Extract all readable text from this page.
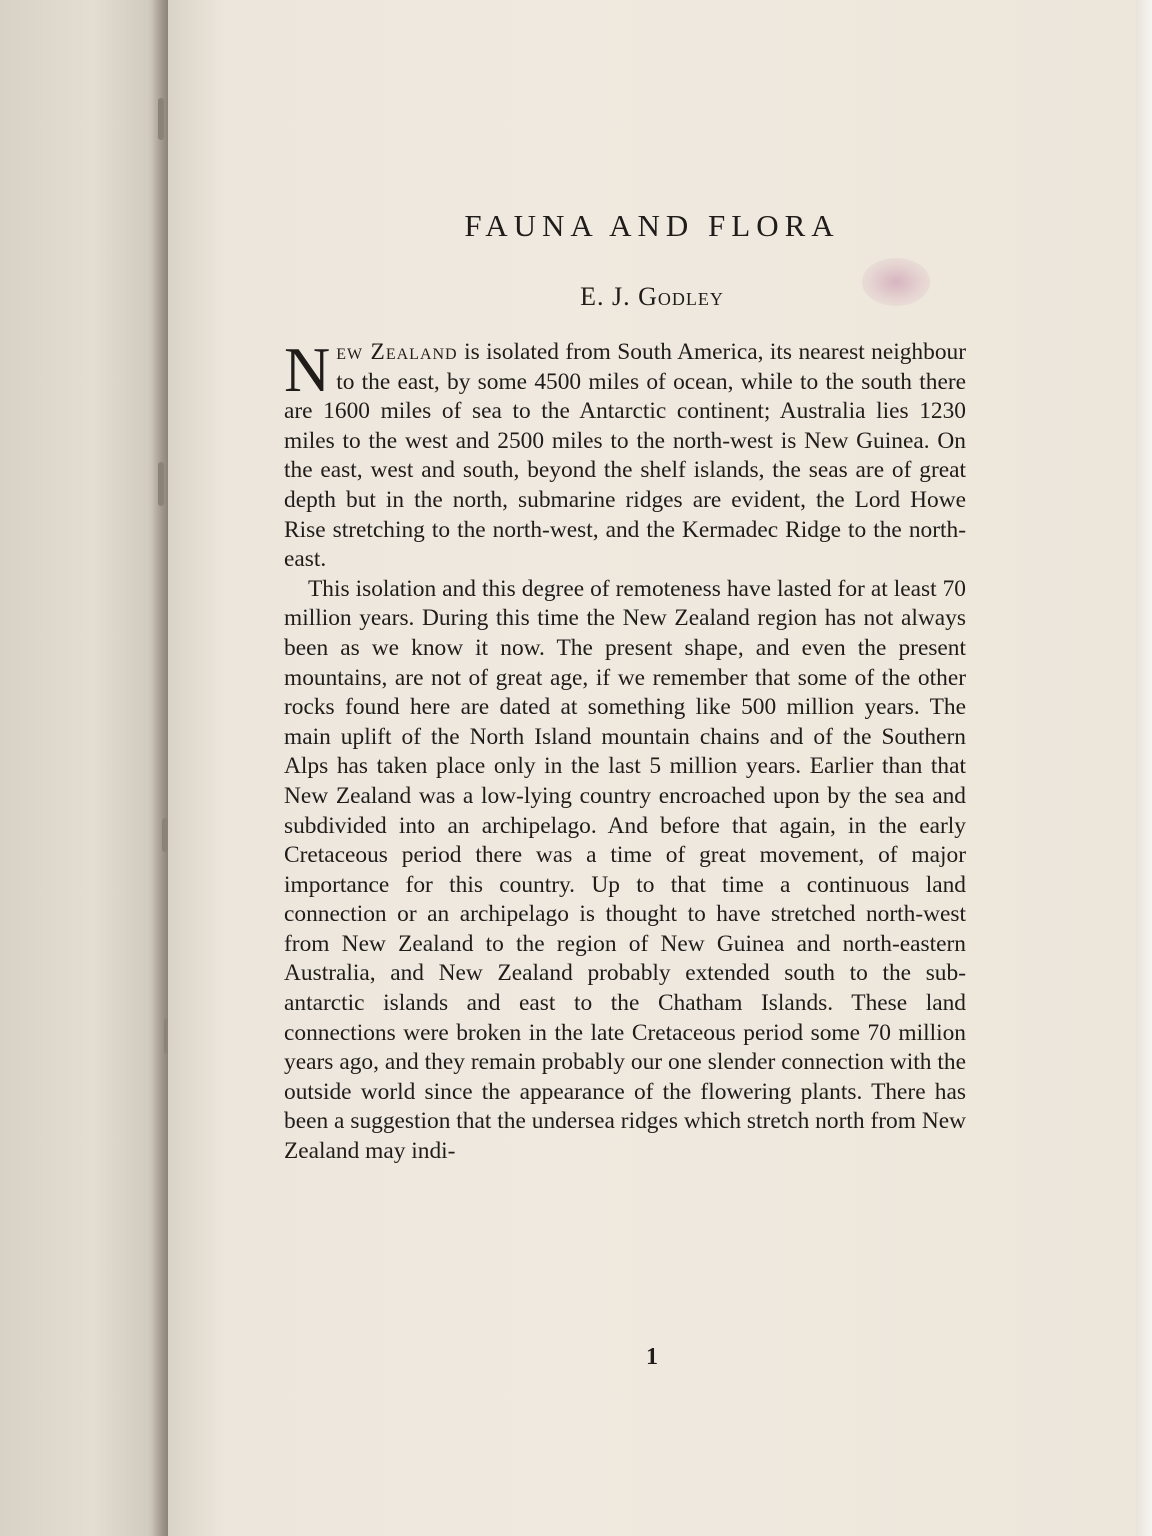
FAUNA AND FLORA

E. J. Godley

New Zealand is isolated from South America, its nearest neighbour to the east, by some 4500 miles of ocean, while to the south there are 1600 miles of sea to the Antarctic continent; Australia lies 1230 miles to the west and 2500 miles to the north-west is New Guinea. On the east, west and south, beyond the shelf islands, the seas are of great depth but in the north, submarine ridges are evident, the Lord Howe Rise stretching to the north-west, and the Kermadec Ridge to the north-east.

This isolation and this degree of remoteness have lasted for at least 70 million years. During this time the New Zealand region has not always been as we know it now. The present shape, and even the present mountains, are not of great age, if we remember that some of the other rocks found here are dated at something like 500 million years. The main uplift of the North Island mountain chains and of the Southern Alps has taken place only in the last 5 million years. Earlier than that New Zealand was a low-lying country encroached upon by the sea and subdivided into an archipelago. And before that again, in the early Cretaceous period there was a time of great movement, of major importance for this country. Up to that time a continuous land connection or an archipelago is thought to have stretched north-west from New Zealand to the region of New Guinea and north-eastern Australia, and New Zealand probably extended south to the sub-antarctic islands and east to the Chatham Islands. These land connections were broken in the late Cretaceous period some 70 million years ago, and they remain probably our one slender connection with the outside world since the appearance of the flowering plants. There has been a suggestion that the undersea ridges which stretch north from New Zealand may indi-

1
